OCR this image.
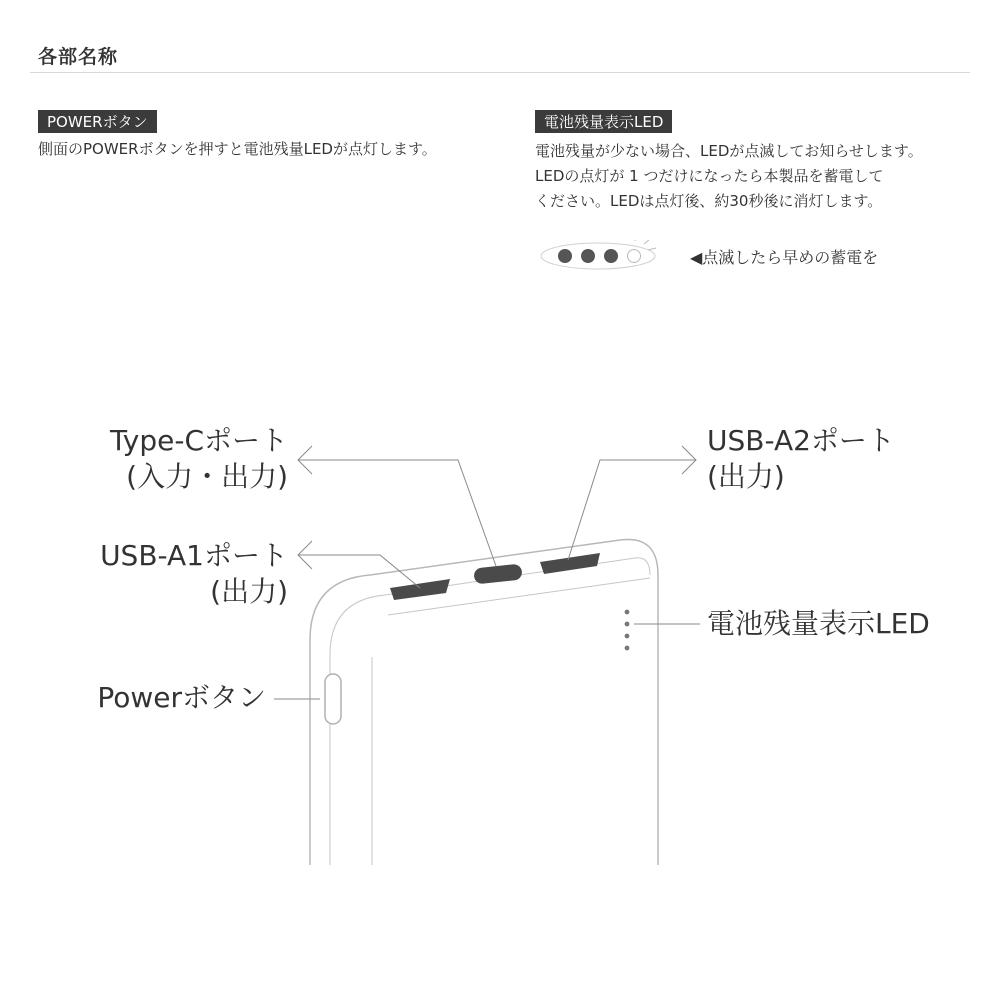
各部名称
POWERボタン

側面のPOWERボタンを押すと電池残量LEDが点灯します。

電池残量表示LED

電池残量が少ない場合、LEDが点滅してお知らせします。

LEDの点灯が 1 つだけになったら本製品を蓄電して

ください。LEDは点灯後、約30秒後に消灯します。

◀点滅したら早めの蓄電を
Type-Cポート
(入力・出力)
USB-A2ポート
(出力)
USB-A1ポート
(出力)
電池残量表示LED
Powerボタン
